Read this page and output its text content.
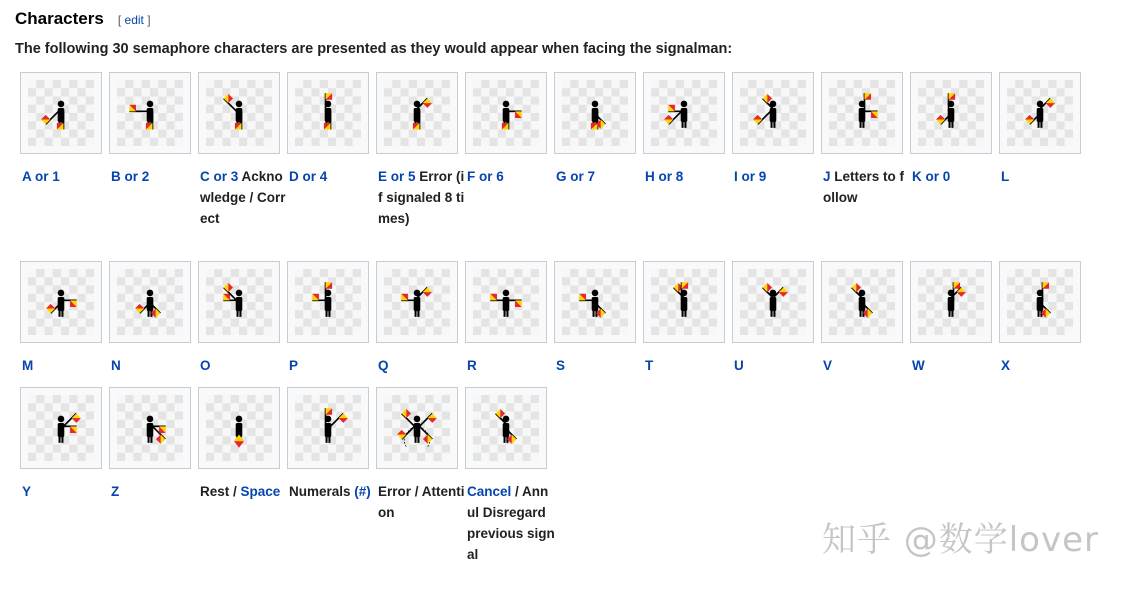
Characters [ edit ]
The following 30 semaphore characters are presented as they would appear when facing the signalman:
A or 1	B or 2	C or 3 Acknowledge / Correct
D or 4	E or 5 Error (if signaled 8 times)
F or 6	G or 7	H or 8	I or 9	J Letters to follow
K or 0	L
M	N	O	P	Q	R	S	T	U	V	W	X
Y	Z	Rest / Space Numerals (#) Error / Attention
Cancel / Annul Disregard previous signal	知乎 @数学lover
